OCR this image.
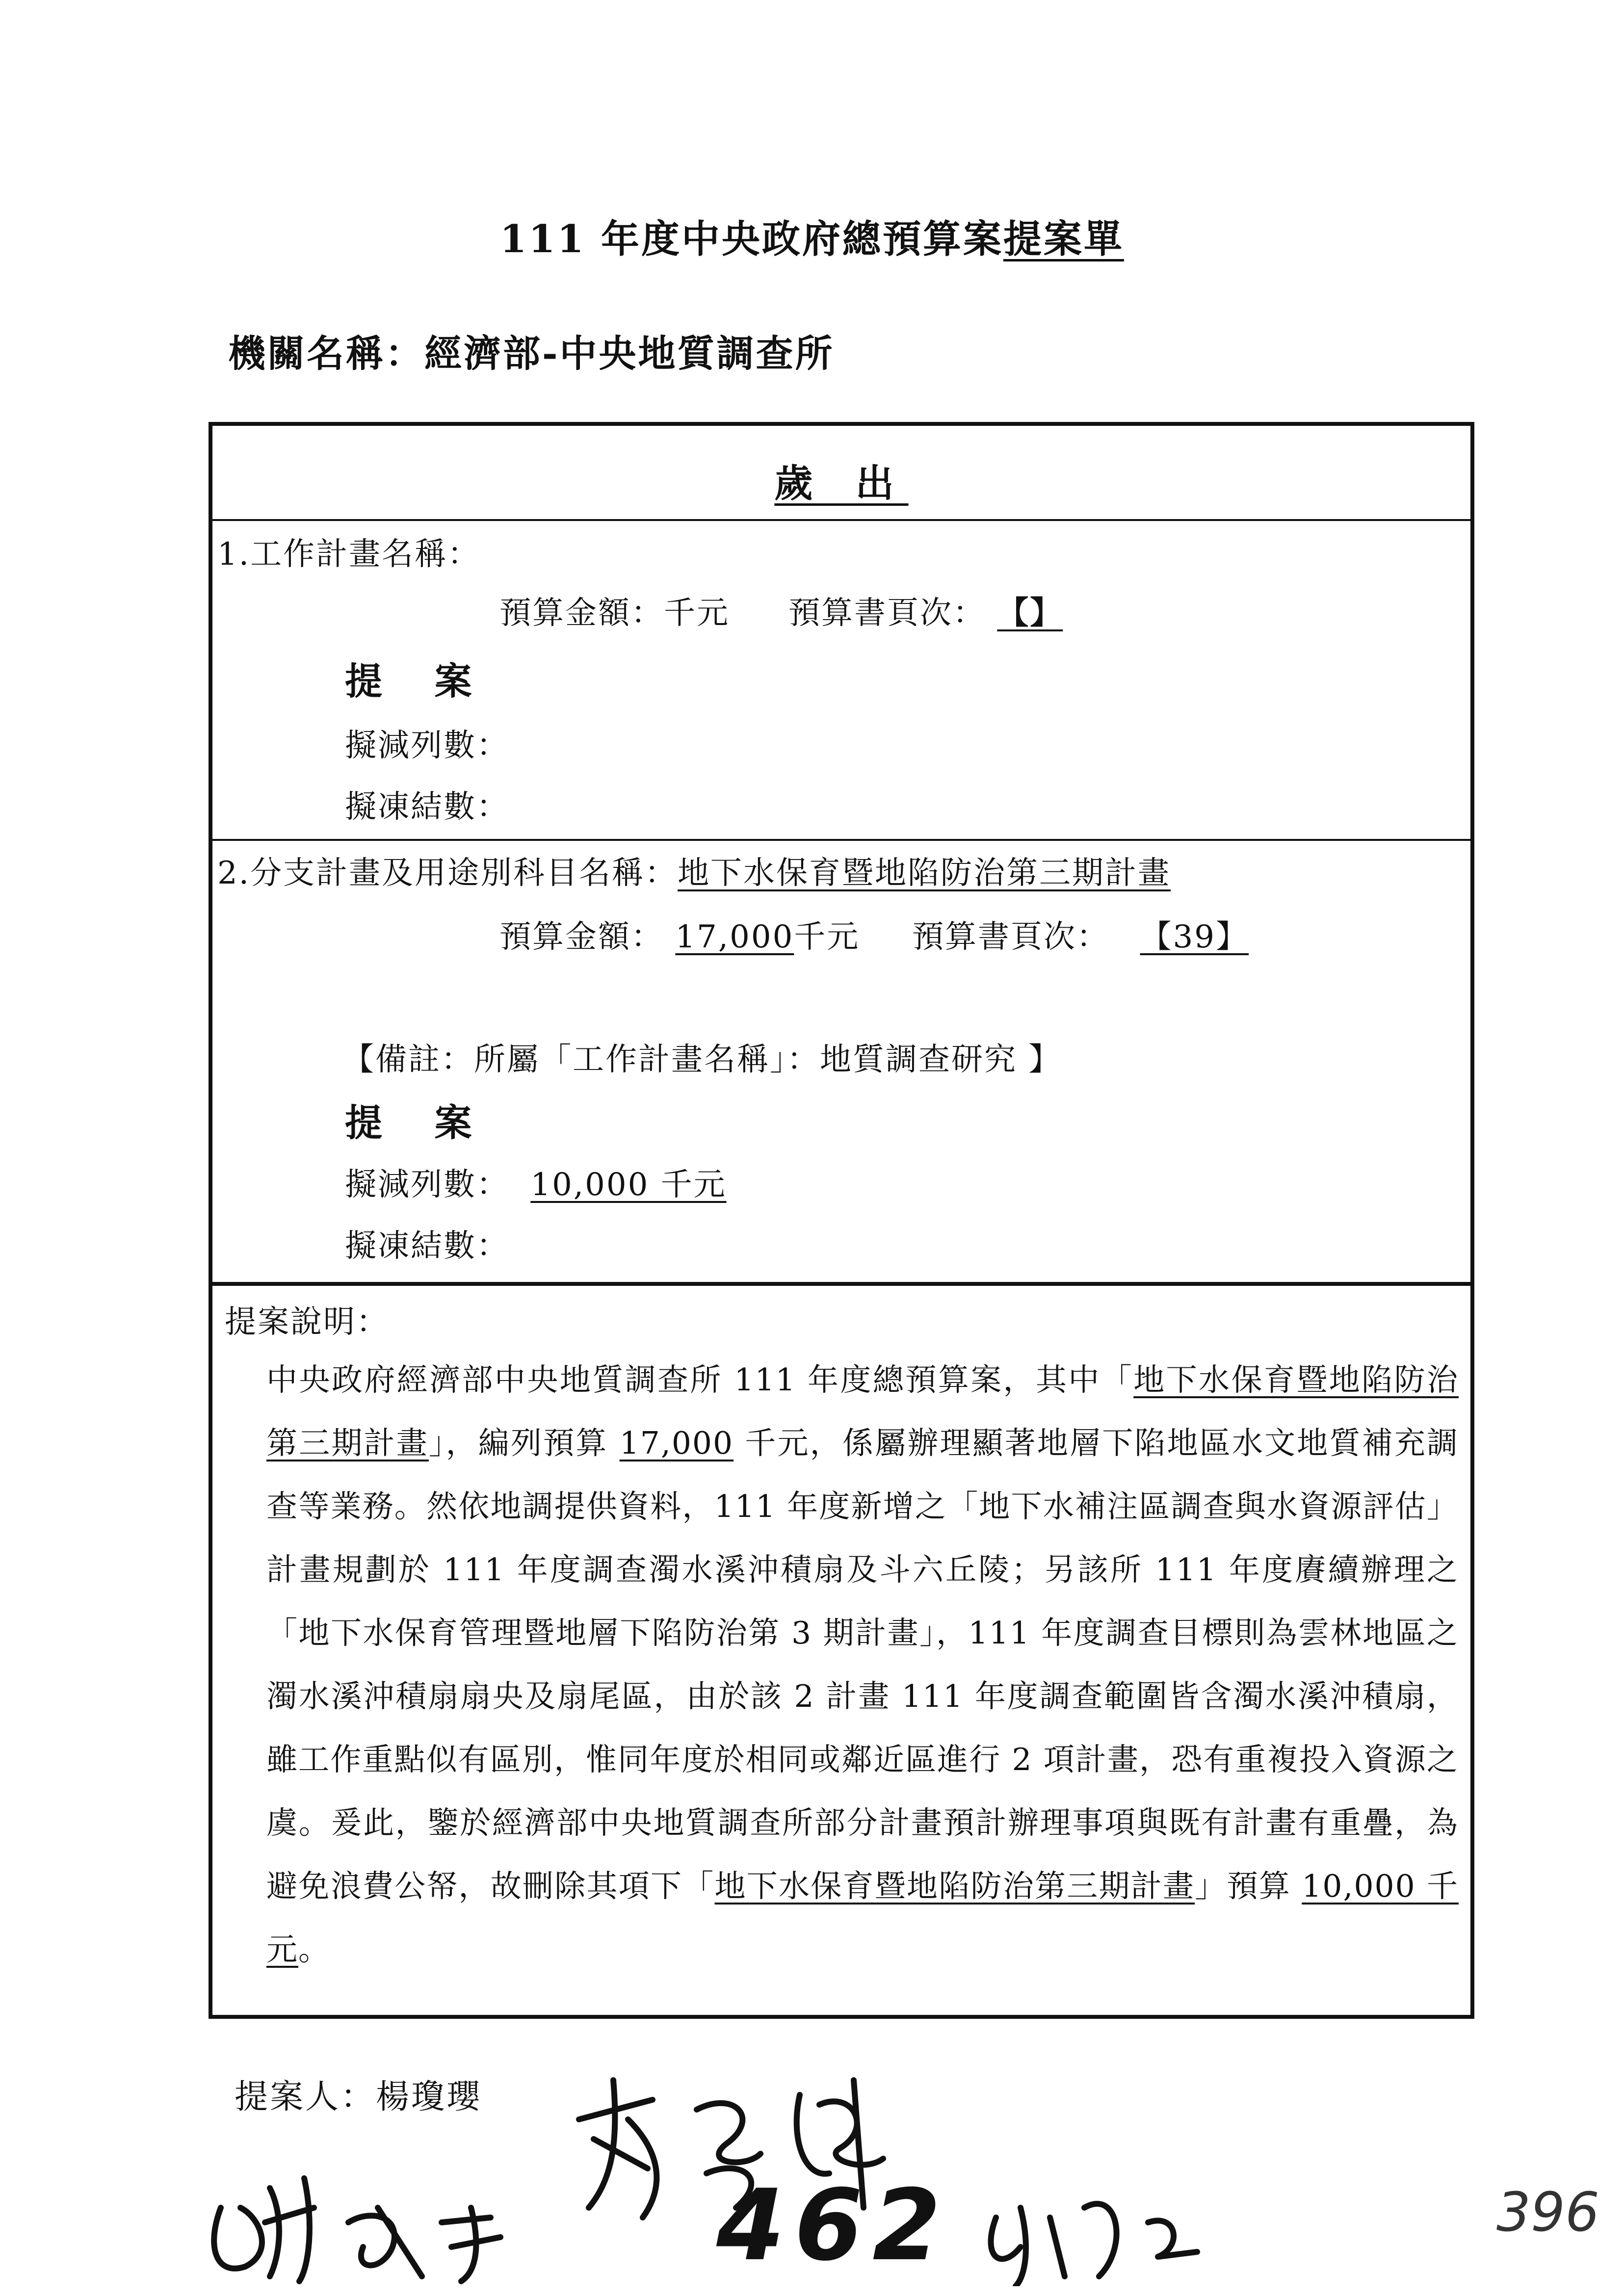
111 年度中央政府總預算案提案單
機關名稱：經濟部-中央地質調查所
歲 出
1.工作計畫名稱：
預算金額：千元 預算書頁次： 【】
提 案
擬減列數：
擬凍結數：
2.分支計畫及用途別科目名稱：地下水保育暨地陷防治第三期計畫
預算金額： 17,000千元 預算書頁次： 【39】
【備註：所屬「工作計畫名稱」：地質調查研究 】
提 案
擬減列數： 10,000 千元
擬凍結數：
提案說明：
中央政府經濟部中央地質調查所 111 年度總預算案，其中「地下水保育暨地陷防治第三期計畫」，編列預算 17,000 千元，係屬辦理顯著地層下陷地區水文地質補充調查等業務。然依地調提供資料，111 年度新增之「地下水補注區調查與水資源評估」計畫規劃於 111 年度調查濁水溪沖積扇及斗六丘陵；另該所 111 年度賡續辦理之「地下水保育管理暨地層下陷防治第 3 期計畫」，111 年度調查目標則為雲林地區之濁水溪沖積扇扇央及扇尾區，由於該 2 計畫 111 年度調查範圍皆含濁水溪沖積扇，雖工作重點似有區別，惟同年度於相同或鄰近區進行 2 項計畫，恐有重複投入資源之虞。爰此，鑒於經濟部中央地質調查所部分計畫預計辦理事項與既有計畫有重疊，為避免浪費公帑，故刪除其項下「地下水保育暨地陷防治第三期計畫」預算 10,000 千元。
提案人：楊瓊瓔
462	396
